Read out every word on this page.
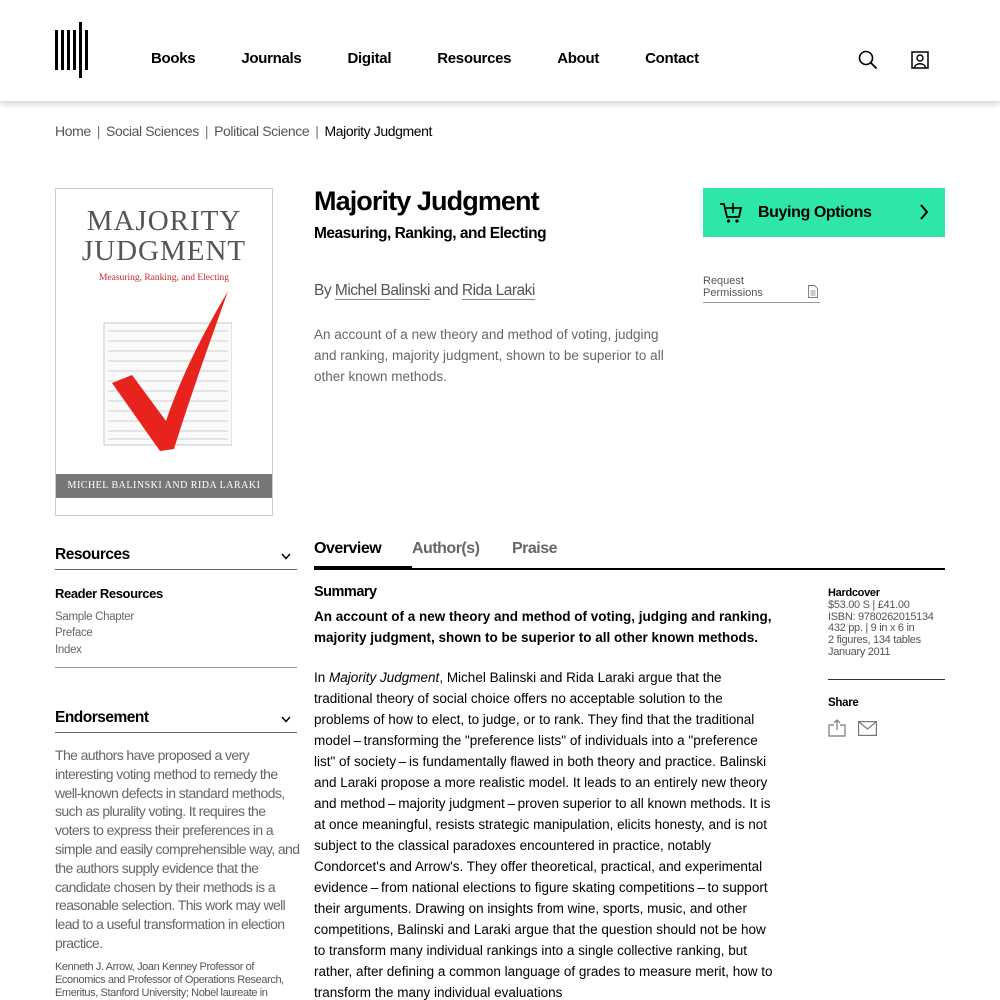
Books	Journals	Digital	Resources	About	Contact
Home | Social Sciences | Political Science | Majority Judgment
MAJORITY
JUDGMENT
Measuring, Ranking, and Electing
MICHEL BALINSKI AND RIDA LARAKI
Majority Judgment
Measuring, Ranking, and Electing
By Michel Balinski and Rida Laraki

An account of a new theory and method of voting, judging and ranking, majority judgment, shown to be superior to all other known methods.

Buying Options
Request
Permissions
Resources
Reader Resources
Sample Chapter
Preface
Index
Endorsement

The authors have proposed a very interesting voting method to remedy the well-known defects in standard methods, such as plurality voting. It requires the voters to express their preferences in a simple and easily comprehensible way, and the authors supply evidence that the candidate chosen by their methods is a reasonable selection. This work may well lead to a useful transformation in election practice.

Kenneth J. Arrow, Joan Kenney Professor of Economics and Professor of Operations Research, Emeritus, Stanford University; Nobel laureate in

Overview	Author(s) Praise
Summary

An account of a new theory and method of voting, judging and ranking, majority judgment, shown to be superior to all other known methods.

In Majority Judgment, Michel Balinski and Rida Laraki argue that the traditional theory of social choice offers no acceptable solution to the problems of how to elect, to judge, or to rank. They find that the traditional model – transforming the "preference lists" of individuals into a "preference list" of society – is fundamentally flawed in both theory and practice. Balinski and Laraki propose a more realistic model. It leads to an entirely new theory and method – majority judgment – proven superior to all known methods. It is at once meaningful, resists strategic manipulation, elicits honesty, and is not subject to the classical paradoxes encountered in practice, notably Condorcet's and Arrow's. They offer theoretical, practical, and experimental evidence – from national elections to figure skating competitions – to support their arguments. Drawing on insights from wine, sports, music, and other competitions, Balinski and Laraki argue that the question should not be how to transform many individual rankings into a single collective ranking, but rather, after defining a common language of grades to measure merit, how to transform the many individual evaluations

Hardcover
$53.00 S | £41.00
ISBN: 9780262015134
432 pp. | 9 in x 6 in
2 figures, 134 tables
January 2011
Share
